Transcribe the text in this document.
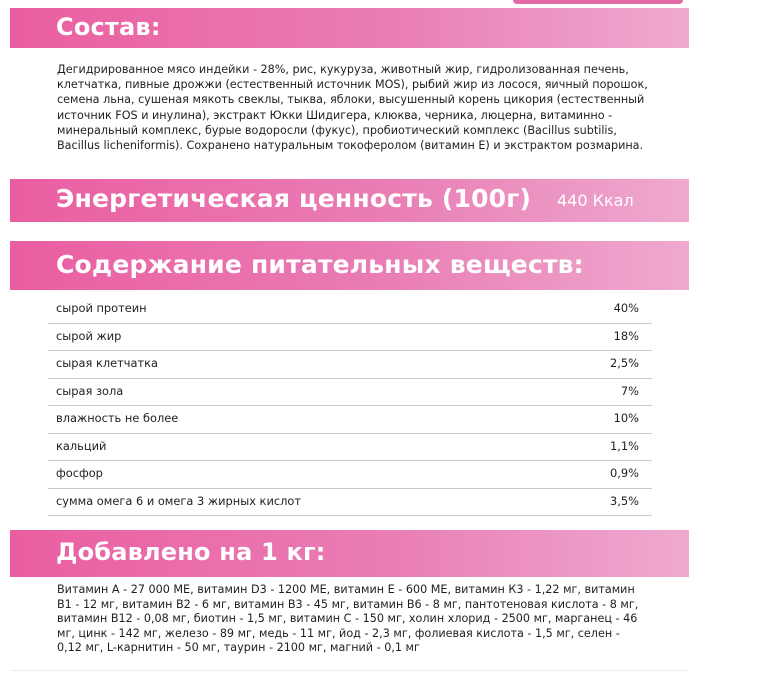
Состав:

Дегидрированное мясо индейки - 28%, рис, кукуруза, животный жир, гидролизованная печень, клетчатка, пивные дрожжи (естественный источник MOS), рыбий жир из лосося, яичный порошок, семена льна, сушеная мякоть свеклы, тыква, яблоки, высушенный корень цикория (естественный источник FOS и инулина), экстракт Юкки Шидигера, клюква, черника, люцерна, витаминно - минеральный комплекс, бурые водоросли (фукус), пробиотический комплекс (Bacillus subtilis, Bacillus licheniformis). Сохранено натуральным токоферолом (витамин Е) и экстрактом розмарина.

Энергетическая ценность (100г) 440 Ккал
Содержание питательных веществ:
сырой протеин	40%
сырой жир	18%
сырая клетчатка	2,5%
сырая зола	7%
влажность не более	10%
кальций	1,1%
фосфор	0,9%
сумма омега 6 и омега 3 жирных кислот	3,5%
Добавлено на 1 кг:

Витамин А - 27 000 МЕ, витамин D3 - 1200 МЕ, витамин Е - 600 МЕ, витамин К3 - 1,22 мг, витамин В1 - 12 мг, витамин В2 - 6 мг, витамин В3 - 45 мг, витамин В6 - 8 мг, пантотеновая кислота - 8 мг, витамин В12 - 0,08 мг, биотин - 1,5 мг, витамин С - 150 мг, холин хлорид - 2500 мг, марганец - 46 мг, цинк - 142 мг, железо - 89 мг, медь - 11 мг, йод - 2,3 мг, фолиевая кислота - 1,5 мг, селен - 0,12 мг, L-карнитин - 50 мг, таурин - 2100 мг, магний - 0,1 мг
